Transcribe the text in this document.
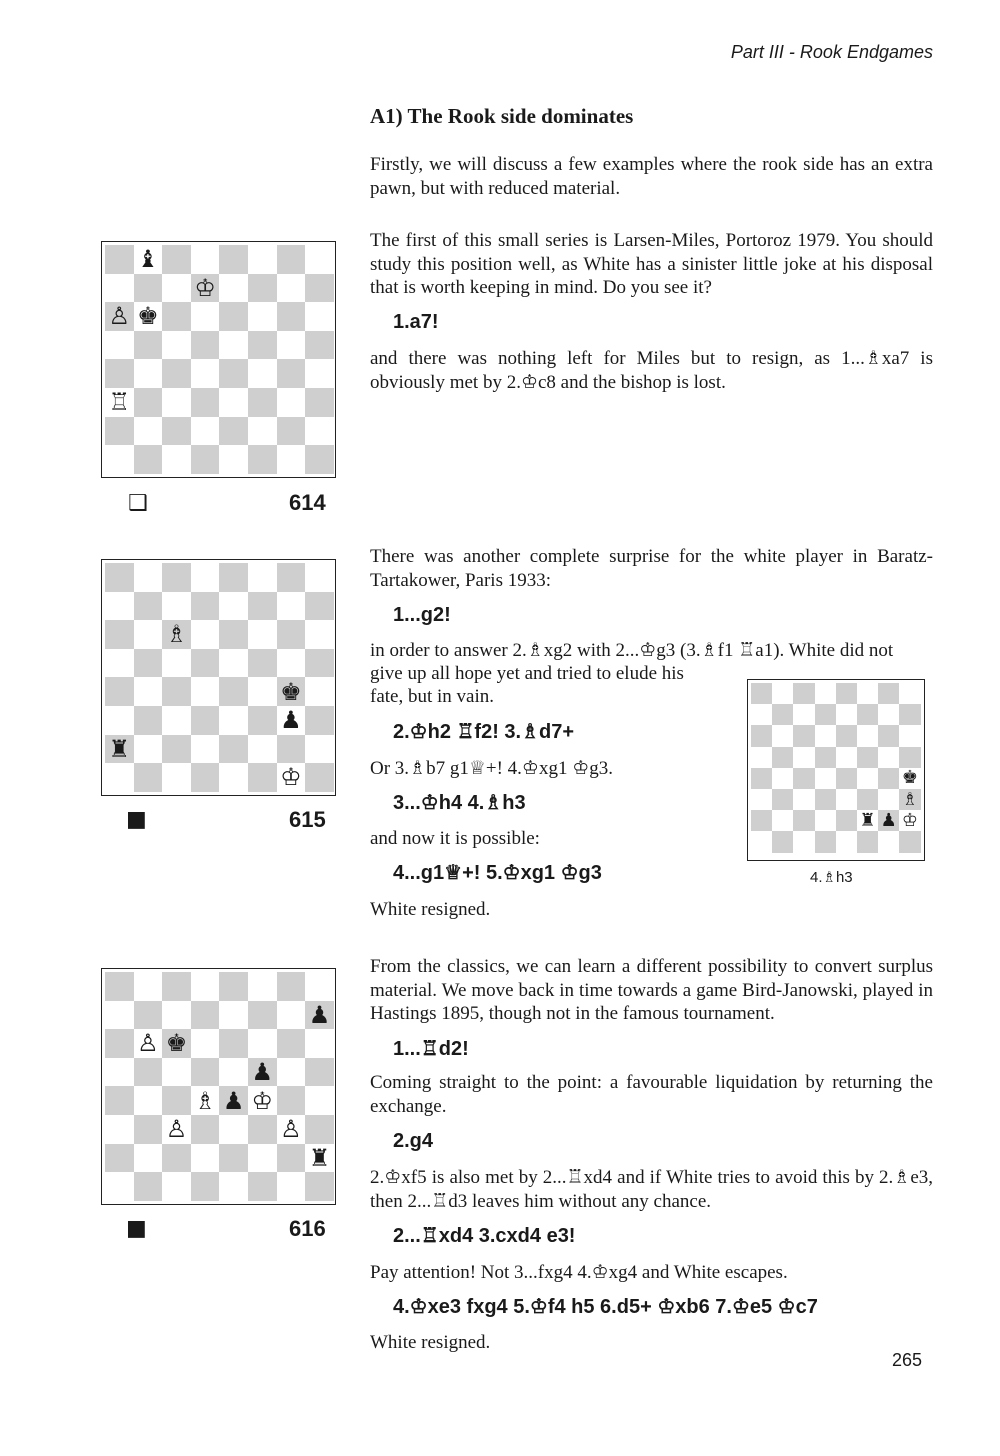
Part III - Rook Endgames
A1) The Rook side dominates
Firstly, we will discuss a few examples where the rook side has an extra pawn, but with reduced material.
♝
♔
♙ ♚
♖
❑	614
The first of this small series is Larsen-Miles, Portoroz 1979. You should study this position well, as White has a sinister little joke at his disposal that is worth keeping in mind. Do you see it?
1.a7!
and there was nothing left for Miles but to resign, as 1...♗xa7 is obviously met by 2.♔c8 and the bishop is lost.
♗
♚
♟
♜
♔
■	615
There was another complete surprise for the white player in Baratz-Tartakower, Paris 1933:
1...g2!
in order to answer 2.♗xg2 with 2...♔g3 (3.♗f1 ♖a1). White did not
give up all hope yet and tried to elude his
fate, but in vain.
2.♔h2 ♖f2! 3.♗d7+
Or 3.♗b7 g1♕+! 4.♔xg1 ♔g3.
3...♔h4 4.♗h3
and now it is possible:
4...g1♕+! 5.♔xg1 ♔g3
White resigned.
♚
♗
♜ ♟ ♔
4.♗h3
♟
♙ ♚
♟
♗ ♟ ♔
♙	♙
♜
■	616
From the classics, we can learn a different possibility to convert surplus material. We move back in time towards a game Bird-Janowski, played in Hastings 1895, though not in the famous tournament.
1...♖d2!
Coming straight to the point: a favourable liquidation by returning the exchange.
2.g4
2.♔xf5 is also met by 2...♖xd4 and if White tries to avoid this by 2.♗e3, then 2...♖d3 leaves him without any chance.
2...♖xd4 3.cxd4 e3!
Pay attention! Not 3...fxg4 4.♔xg4 and White escapes.
4.♔xe3 fxg4 5.♔f4 h5 6.d5+ ♔xb6 7.♔e5 ♔c7
White resigned.
265
